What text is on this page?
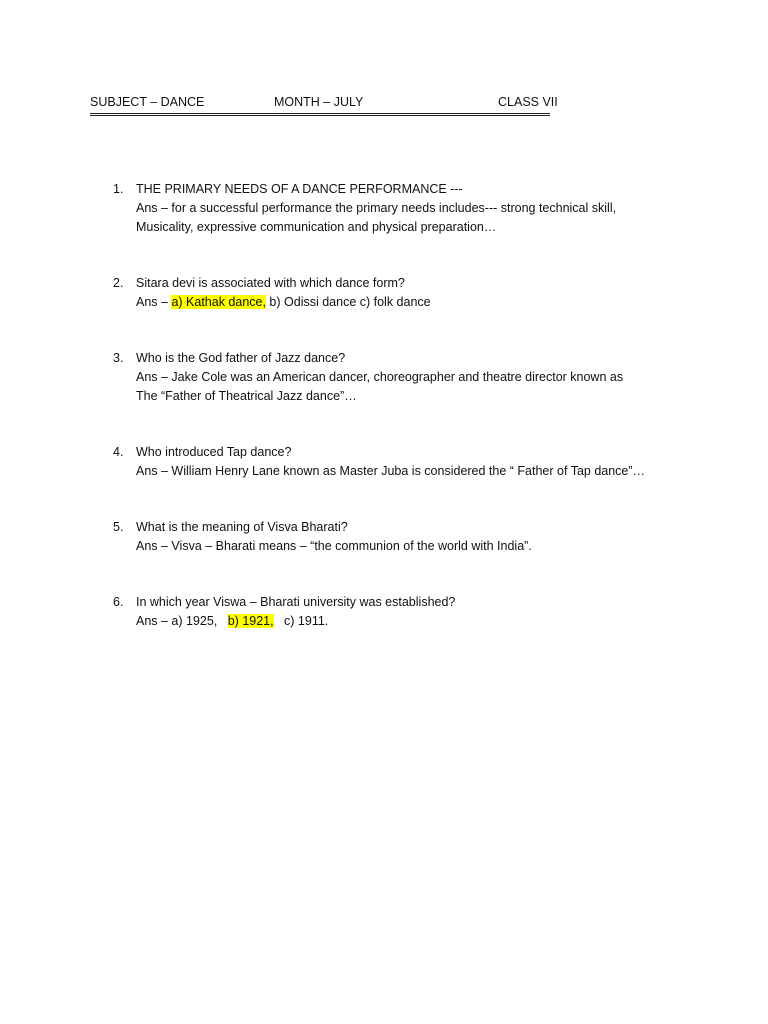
SUBJECT – DANCE	MONTH – JULY	CLASS VII
1.	THE PRIMARY NEEDS OF A DANCE PERFORMANCE ---
Ans – for a successful performance the primary needs includes--- strong technical skill,
Musicality, expressive communication and physical preparation…
2.	Sitara devi is associated with which dance form?
Ans – a) Kathak dance, b) Odissi dance c) folk dance
3.	Who is the God father of Jazz dance?
Ans – Jake Cole was an American dancer, choreographer and theatre director known as
The “Father of Theatrical Jazz dance”…
4.	Who introduced Tap dance?
Ans – William Henry Lane known as Master Juba is considered the “ Father of Tap dance”…
5.	What is the meaning of Visva Bharati?
Ans – Visva – Bharati means – “the communion of the world with India”.
6.	In which year Viswa – Bharati university was established?
Ans – a) 1925,   b) 1921,   c) 1911.
